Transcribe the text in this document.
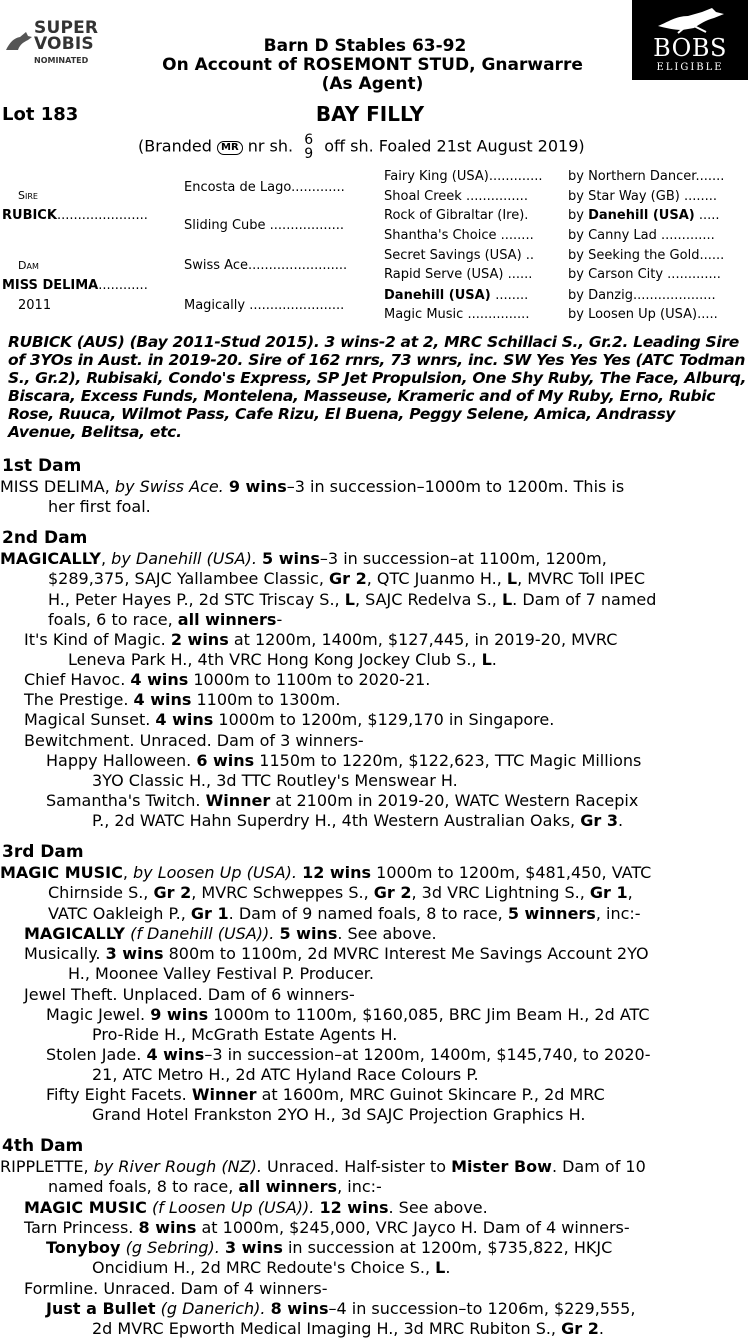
SUPER
VOBIS
NOMINATED	BOBS
ELIGIBLE
Barn D Stables 63-92
On Account of ROSEMONT STUD, Gnarwarre
(As Agent)
Lot 183	BAY FILLY
(Branded MR nr sh. 6
9 off sh. Foaled 21st August 2019)
Sire
RUBICK......................
Dam
MISS DELIMA............
2011
Encosta de Lago.............
Sliding Cube ..................
Swiss Ace........................
Magically .......................
Fairy King (USA).............
Shoal Creek ...............
Rock of Gibraltar (Ire).
Shantha's Choice ........
Secret Savings (USA) ..
Rapid Serve (USA) ......
Danehill (USA) ........
Magic Music ...............
by Northern Dancer.......
by Star Way (GB) ........
by Danehill (USA) .....
by Canny Lad .............
by Seeking the Gold......
by Carson City .............
by Danzig....................
by Loosen Up (USA).....
RUBICK (AUS) (Bay 2011-Stud 2015). 3 wins-2 at 2, MRC Schillaci S., Gr.2. Leading Sire of 3YOs in Aust. in 2019-20. Sire of 162 rnrs, 73 wnrs, inc. SW Yes Yes Yes (ATC Todman S., Gr.2), Rubisaki, Condo's Express, SP Jet Propulsion, One Shy Ruby, The Face, Alburq, Biscara, Excess Funds, Montelena, Masseuse, Krameric and of My Ruby, Erno, Rubic Rose, Ruuca, Wilmot Pass, Cafe Rizu, El Buena, Peggy Selene, Amica, Andrassy Avenue, Belitsa, etc.
1st Dam
MISS DELIMA, by Swiss Ace. 9 wins–3 in succession–1000m to 1200m. This is
her first foal.
2nd Dam
MAGICALLY, by Danehill (USA). 5 wins–3 in succession–at 1100m, 1200m,
$289,375, SAJC Yallambee Classic, Gr 2, QTC Juanmo H., L, MVRC Toll IPEC
H., Peter Hayes P., 2d STC Triscay S., L, SAJC Redelva S., L. Dam of 7 named
foals, 6 to race, all winners-
It's Kind of Magic. 2 wins at 1200m, 1400m, $127,445, in 2019-20, MVRC
Leneva Park H., 4th VRC Hong Kong Jockey Club S., L.
Chief Havoc. 4 wins 1000m to 1100m to 2020-21.
The Prestige. 4 wins 1100m to 1300m.
Magical Sunset. 4 wins 1000m to 1200m, $129,170 in Singapore.
Bewitchment. Unraced. Dam of 3 winners-
Happy Halloween. 6 wins 1150m to 1220m, $122,623, TTC Magic Millions
3YO Classic H., 3d TTC Routley's Menswear H.
Samantha's Twitch. Winner at 2100m in 2019-20, WATC Western Racepix
P., 2d WATC Hahn Superdry H., 4th Western Australian Oaks, Gr 3.
3rd Dam
MAGIC MUSIC, by Loosen Up (USA). 12 wins 1000m to 1200m, $481,450, VATC
Chirnside S., Gr 2, MVRC Schweppes S., Gr 2, 3d VRC Lightning S., Gr 1,
VATC Oakleigh P., Gr 1. Dam of 9 named foals, 8 to race, 5 winners, inc:-
MAGICALLY (f Danehill (USA)). 5 wins. See above.
Musically. 3 wins 800m to 1100m, 2d MVRC Interest Me Savings Account 2YO
H., Moonee Valley Festival P. Producer.
Jewel Theft. Unplaced. Dam of 6 winners-
Magic Jewel. 9 wins 1000m to 1100m, $160,085, BRC Jim Beam H., 2d ATC
Pro-Ride H., McGrath Estate Agents H.
Stolen Jade. 4 wins–3 in succession–at 1200m, 1400m, $145,740, to 2020-
21, ATC Metro H., 2d ATC Hyland Race Colours P.
Fifty Eight Facets. Winner at 1600m, MRC Guinot Skincare P., 2d MRC
Grand Hotel Frankston 2YO H., 3d SAJC Projection Graphics H.
4th Dam
RIPPLETTE, by River Rough (NZ). Unraced. Half-sister to Mister Bow. Dam of 10
named foals, 8 to race, all winners, inc:-
MAGIC MUSIC (f Loosen Up (USA)). 12 wins. See above.
Tarn Princess. 8 wins at 1000m, $245,000, VRC Jayco H. Dam of 4 winners-
Tonyboy (g Sebring). 3 wins in succession at 1200m, $735,822, HKJC
Oncidium H., 2d MRC Redoute's Choice S., L.
Formline. Unraced. Dam of 4 winners-
Just a Bullet (g Danerich). 8 wins–4 in succession–to 1206m, $229,555,
2d MVRC Epworth Medical Imaging H., 3d MRC Rubiton S., Gr 2.
